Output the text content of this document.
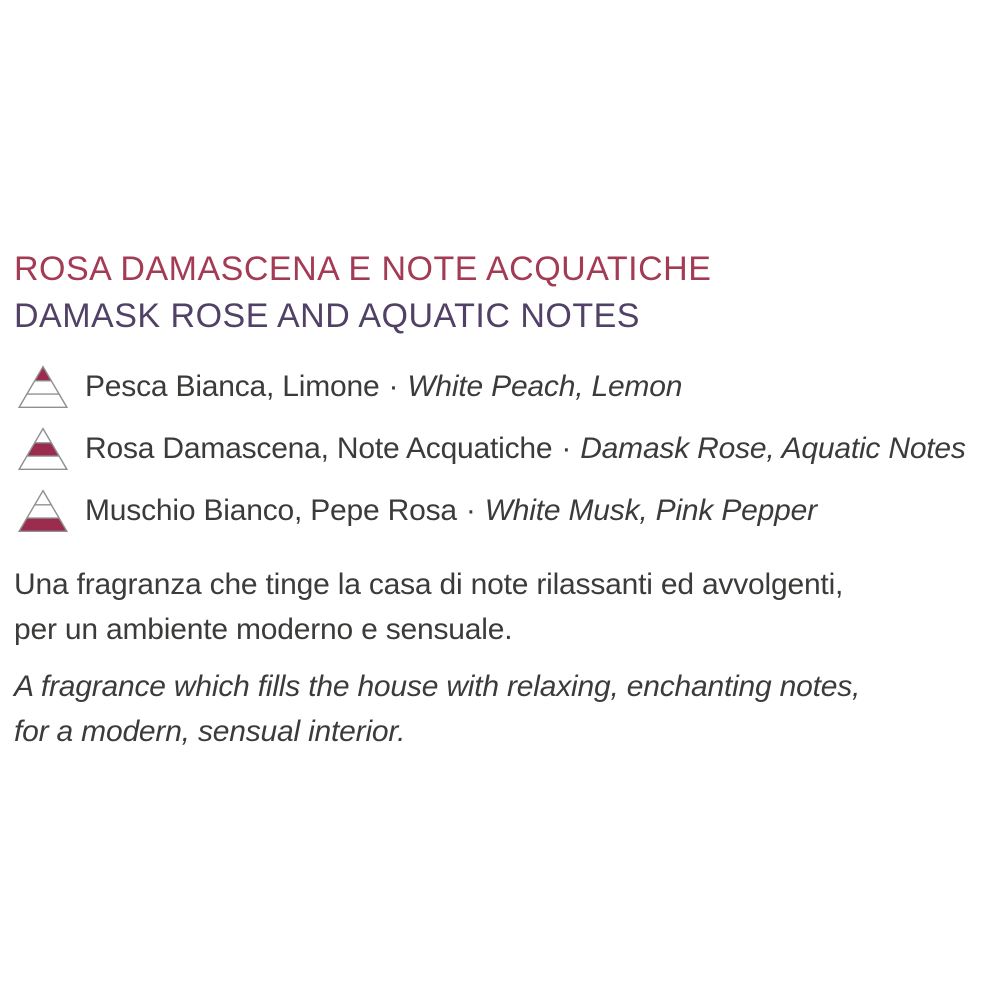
ROSA DAMASCENA E NOTE ACQUATICHE
DAMASK ROSE AND AQUATIC NOTES

Pesca Bianca, Limone · White Peach, Lemon

Rosa Damascena, Note Acquatiche · Damask Rose, Aquatic Notes

Muschio Bianco, Pepe Rosa · White Musk, Pink Pepper

Una fragranza che tinge la casa di note rilassanti ed avvolgenti,
per un ambiente moderno e sensuale.

A fragrance which fills the house with relaxing, enchanting notes,
for a modern, sensual interior.
